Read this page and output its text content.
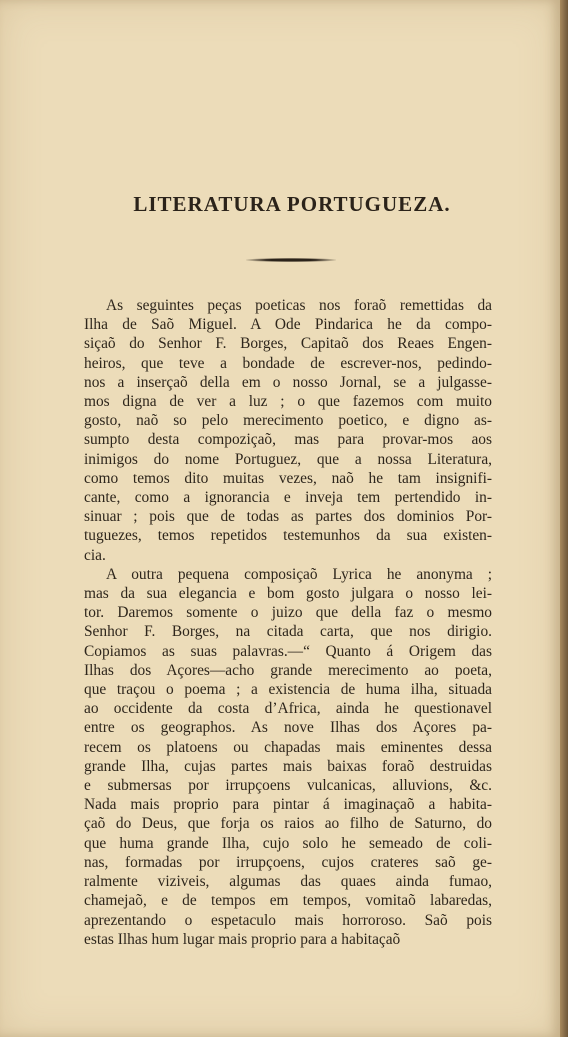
LITERATURA PORTUGUEZA.

As seguintes peças poeticas nos foraõ remettidas da
Ilha de Saõ Miguel. A Ode Pindarica he da compo-
siçaõ do Senhor F. Borges, Capitaõ dos Reaes Engen-
heiros, que teve a bondade de escrever-nos, pedindo-
nos a inserçaõ della em o nosso Jornal, se a julgasse-
mos digna de ver a luz ; o que fazemos com muito
gosto, naõ so pelo merecimento poetico, e digno as-
sumpto desta compoziçaõ, mas para provar-mos aos
inimigos do nome Portuguez, que a nossa Literatura,
como temos dito muitas vezes, naõ he tam insignifi-
cante, como a ignorancia e inveja tem pertendido in-
sinuar ; pois que de todas as partes dos dominios Por-
tuguezes, temos repetidos testemunhos da sua existen-
cia.

A outra pequena composiçaõ Lyrica he anonyma ;
mas da sua elegancia e bom gosto julgara o nosso lei-
tor. Daremos somente o juizo que della faz o mesmo
Senhor F. Borges, na citada carta, que nos dirigio.
Copiamos as suas palavras.—“ Quanto á Origem das
Ilhas dos Açores—acho grande merecimento ao poeta,
que traçou o poema ; a existencia de huma ilha, situada
ao occidente da costa d’Africa, ainda he questionavel
entre os geographos. As nove Ilhas dos Açores pa-
recem os platoens ou chapadas mais eminentes dessa
grande Ilha, cujas partes mais baixas foraõ destruidas
e submersas por irrupçoens vulcanicas, alluvions, &c.
Nada mais proprio para pintar á imaginaçaõ a habita-
çaõ do Deus, que forja os raios ao filho de Saturno, do
que huma grande Ilha, cujo solo he semeado de coli-
nas, formadas por irrupçoens, cujos crateres saõ ge-
ralmente viziveis, algumas das quaes ainda fumao,
chamejaõ, e de tempos em tempos, vomitaõ labaredas,
aprezentando o espetaculo mais horroroso. Saõ pois
estas Ilhas hum lugar mais proprio para a habitaçaõ
